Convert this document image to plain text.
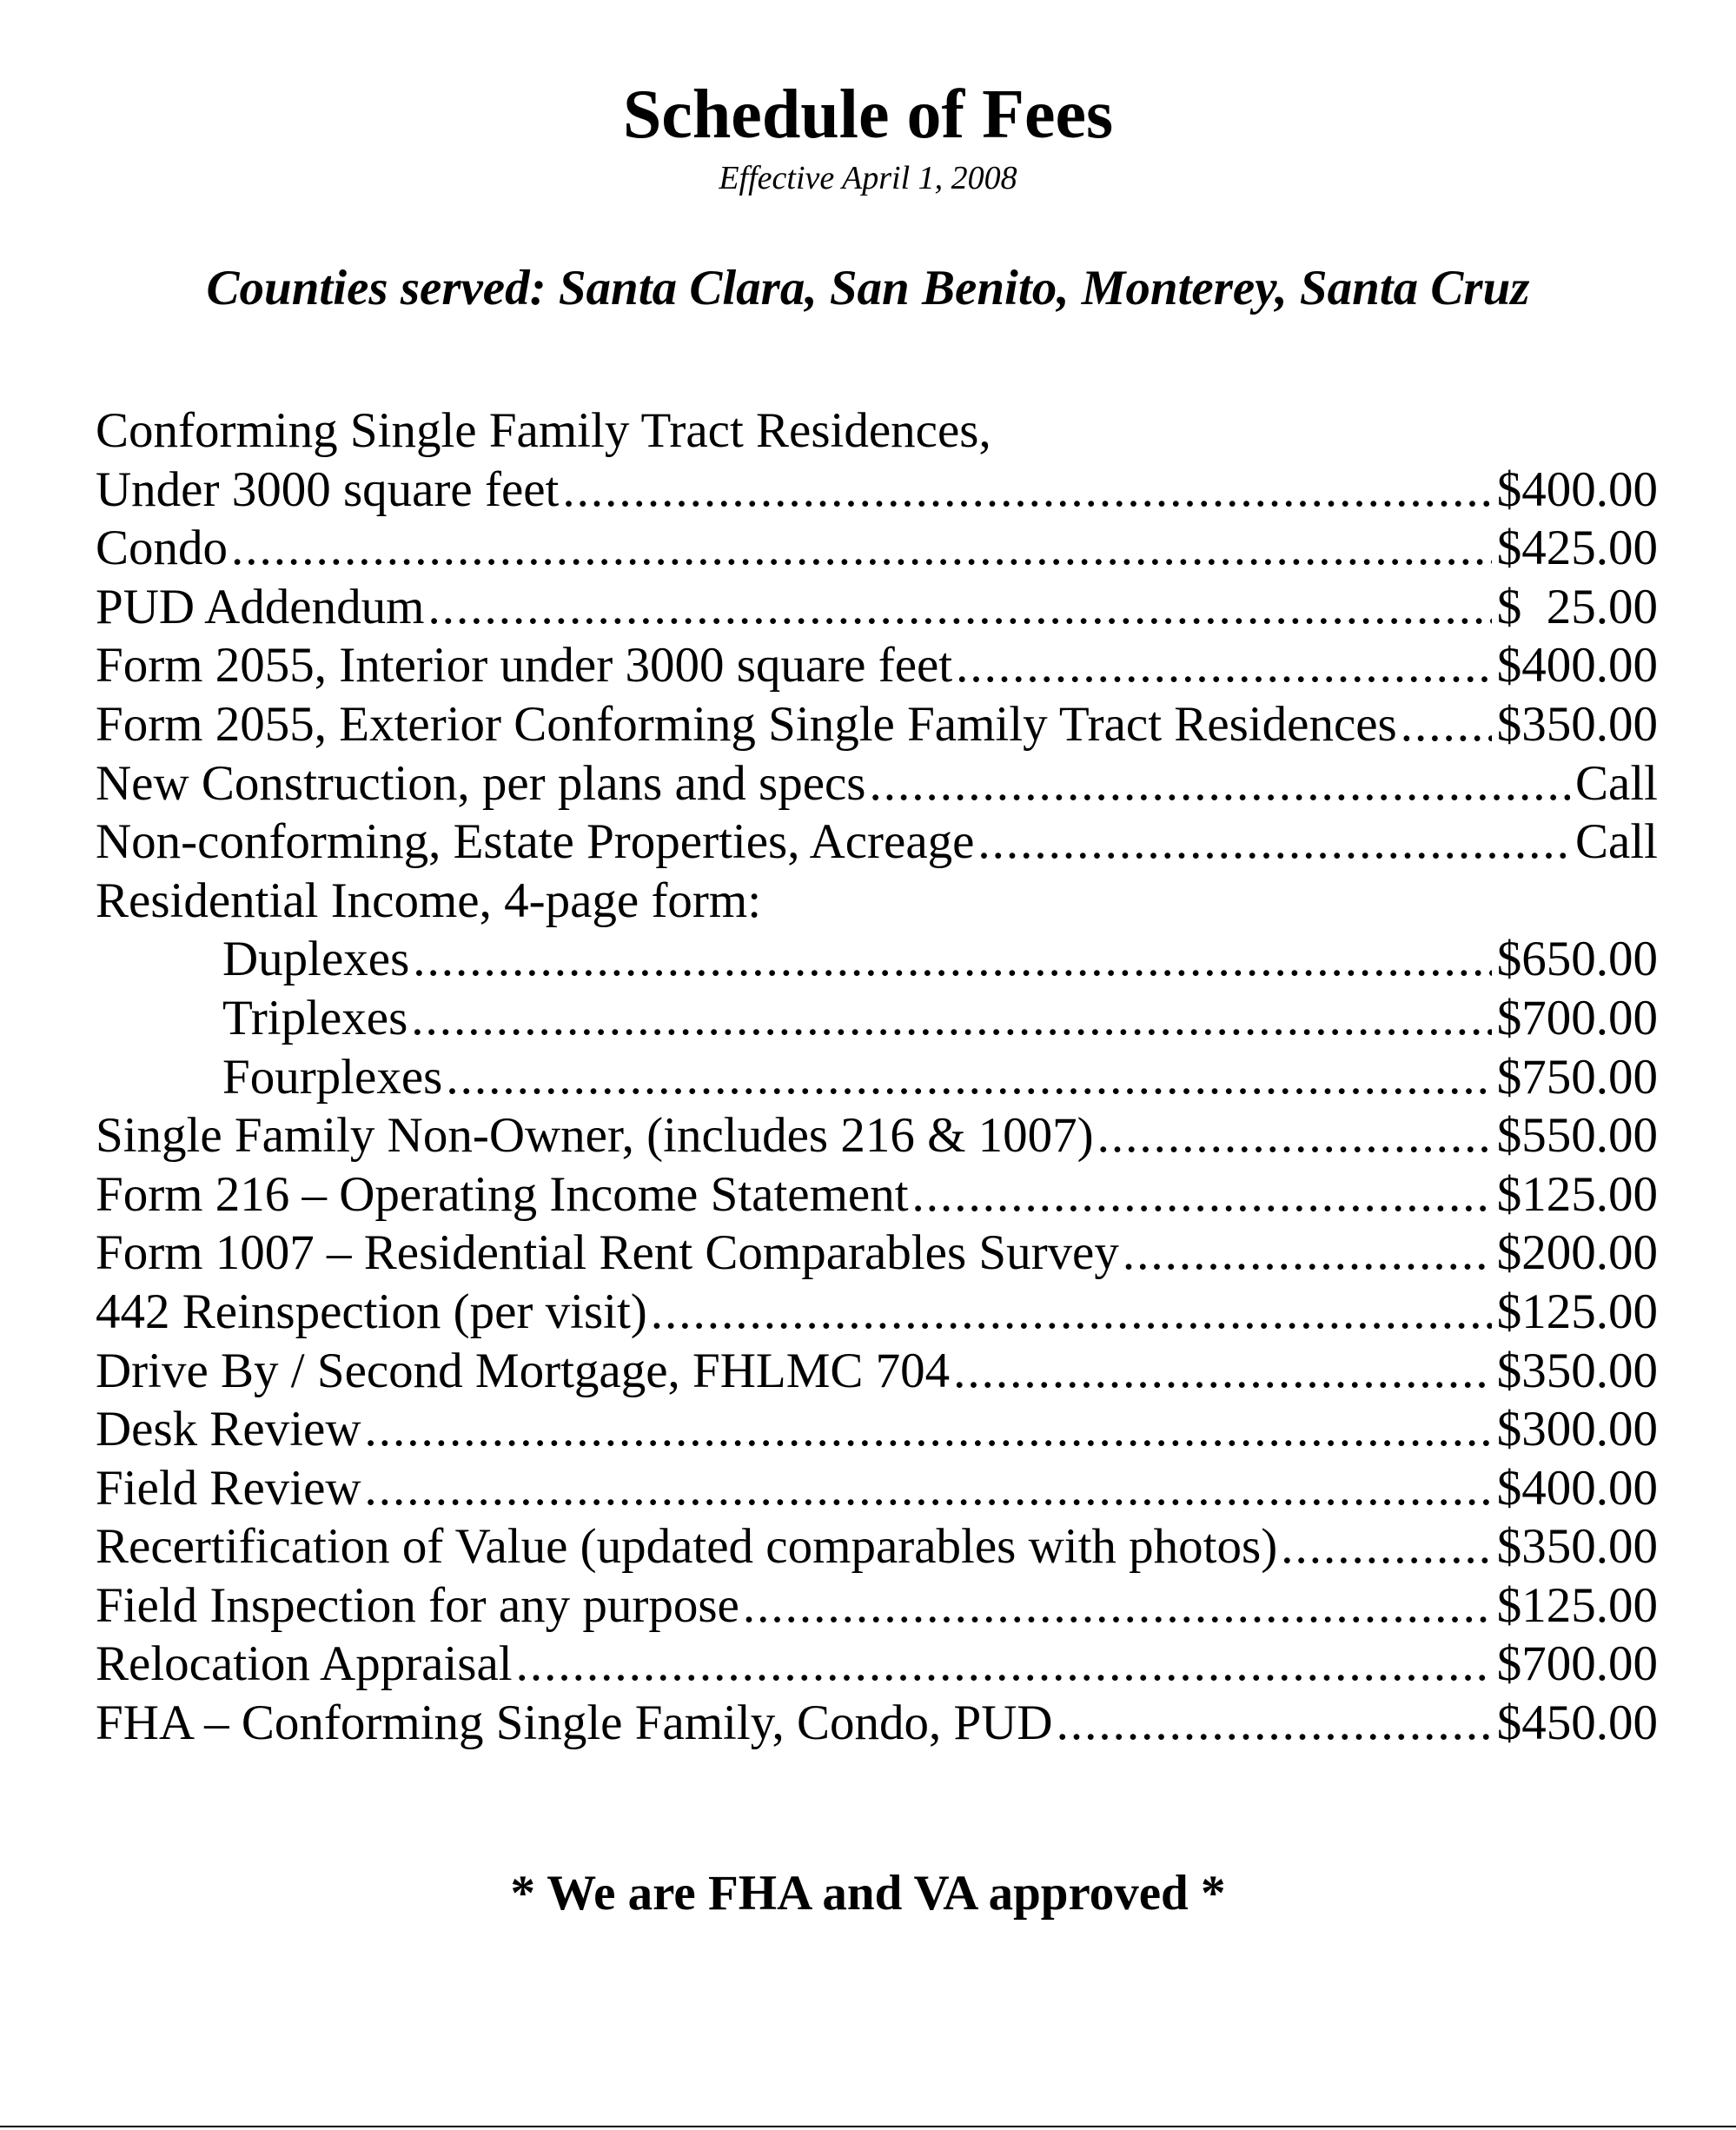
Schedule of Fees
Effective April 1, 2008
Counties served: Santa Clara, San Benito, Monterey, Santa Cruz
Conforming Single Family Tract Residences,
Under 3000 square feet .....	$400.00
Condo .....	$425.00
PUD Addendum .....	$  25.00
Form 2055, Interior under 3000 square feet .....	$400.00
Form 2055, Exterior Conforming Single Family Tract Residences ..... $350.00
New Construction, per plans and specs .....	Call
Non-conforming, Estate Properties, Acreage .....	Call
Residential Income, 4-page form:
Duplexes .....	$650.00
Triplexes .....	$700.00
Fourplexes .....	$750.00
Single Family Non-Owner, (includes 216 & 1007) .....	$550.00
Form 216 – Operating Income Statement .....	$125.00
Form 1007 – Residential Rent Comparables Survey .....	$200.00
442 Reinspection (per visit) .....	$125.00
Drive By / Second Mortgage, FHLMC 704 .....	$350.00
Desk Review .....	$300.00
Field Review .....	$400.00
Recertification of Value (updated comparables with photos) .....	$350.00
Field Inspection for any purpose .....	$125.00
Relocation Appraisal .....	$700.00
FHA – Conforming Single Family, Condo, PUD .....	$450.00
* We are FHA and VA approved *
